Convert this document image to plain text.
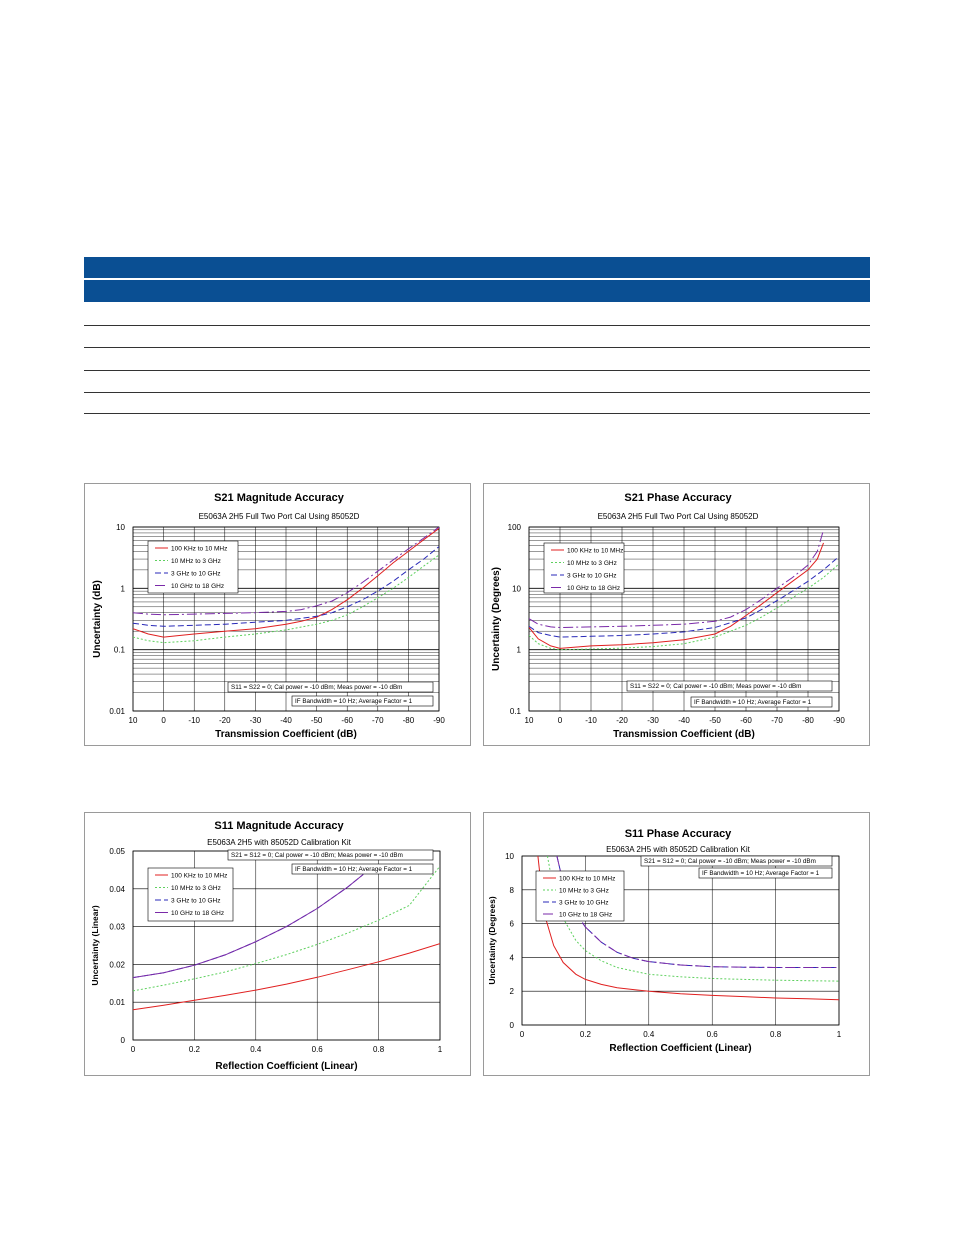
S21 Magnitude Accuracy
E5063A 2H5 Full Two Port Cal Using 85052D
10	0	-10 -20 -30 -40 -50 -60 -70 -80 -90
10
1
0.1
0.01
Transmission Coefficient (dB)
Uncertainty (dB)
100 KHz to 10 MHz
10 MHz to 3 GHz
3 GHz to 10 GHz
10 GHz to 18 GHz
S11 = S22 = 0; Cal power = -10 dBm; Meas power = -10 dBm
IF Bandwidth = 10 Hz; Average Factor = 1
S21 Phase Accuracy
E5063A 2H5 Full Two Port Cal Using 85052D
10	0	-10 -20 -30 -40 -50 -60 -70 -80 -90
100
10
1
0.1
Transmission Coefficient (dB)
Uncertainty (Degrees)
100 KHz to 10 MHz
10 MHz to 3 GHz
3 GHz to 10 GHz
10 GHz to 18 GHz
S11 = S22 = 0; Cal power = -10 dBm; Meas power = -10 dBm
IF Bandwidth = 10 Hz; Average Factor = 1
S11 Magnitude Accuracy
E5063A 2H5 with 85052D Calibration Kit
0	0.2	0.4	0.6	0.8	1
0
0.01
0.02
0.03
0.04
0.05
Reflection Coefficient (Linear)
Uncertainty (Linear)
100 KHz to 10 MHz
10 MHz to 3 GHz
3 GHz to 10 GHz
10 GHz to 18 GHz
S21 = S12 = 0; Cal power = -10 dBm; Meas power = -10 dBm
IF Bandwidth = 10 Hz; Average Factor = 1
S11 Phase Accuracy
E5063A 2H5 with 85052D Calibration Kit
0	0.2	0.4	0.6	0.8	1
0
2
4
6
8
10
Reflection Coefficient (Linear)
Uncertainty (Degrees)
100 KHz to 10 MHz
10 MHz to 3 GHz
3 GHz to 10 GHz
10 GHz to 18 GHz
S21 = S12 = 0; Cal power = -10 dBm; Meas power = -10 dBm
IF Bandwidth = 10 Hz; Average Factor = 1
